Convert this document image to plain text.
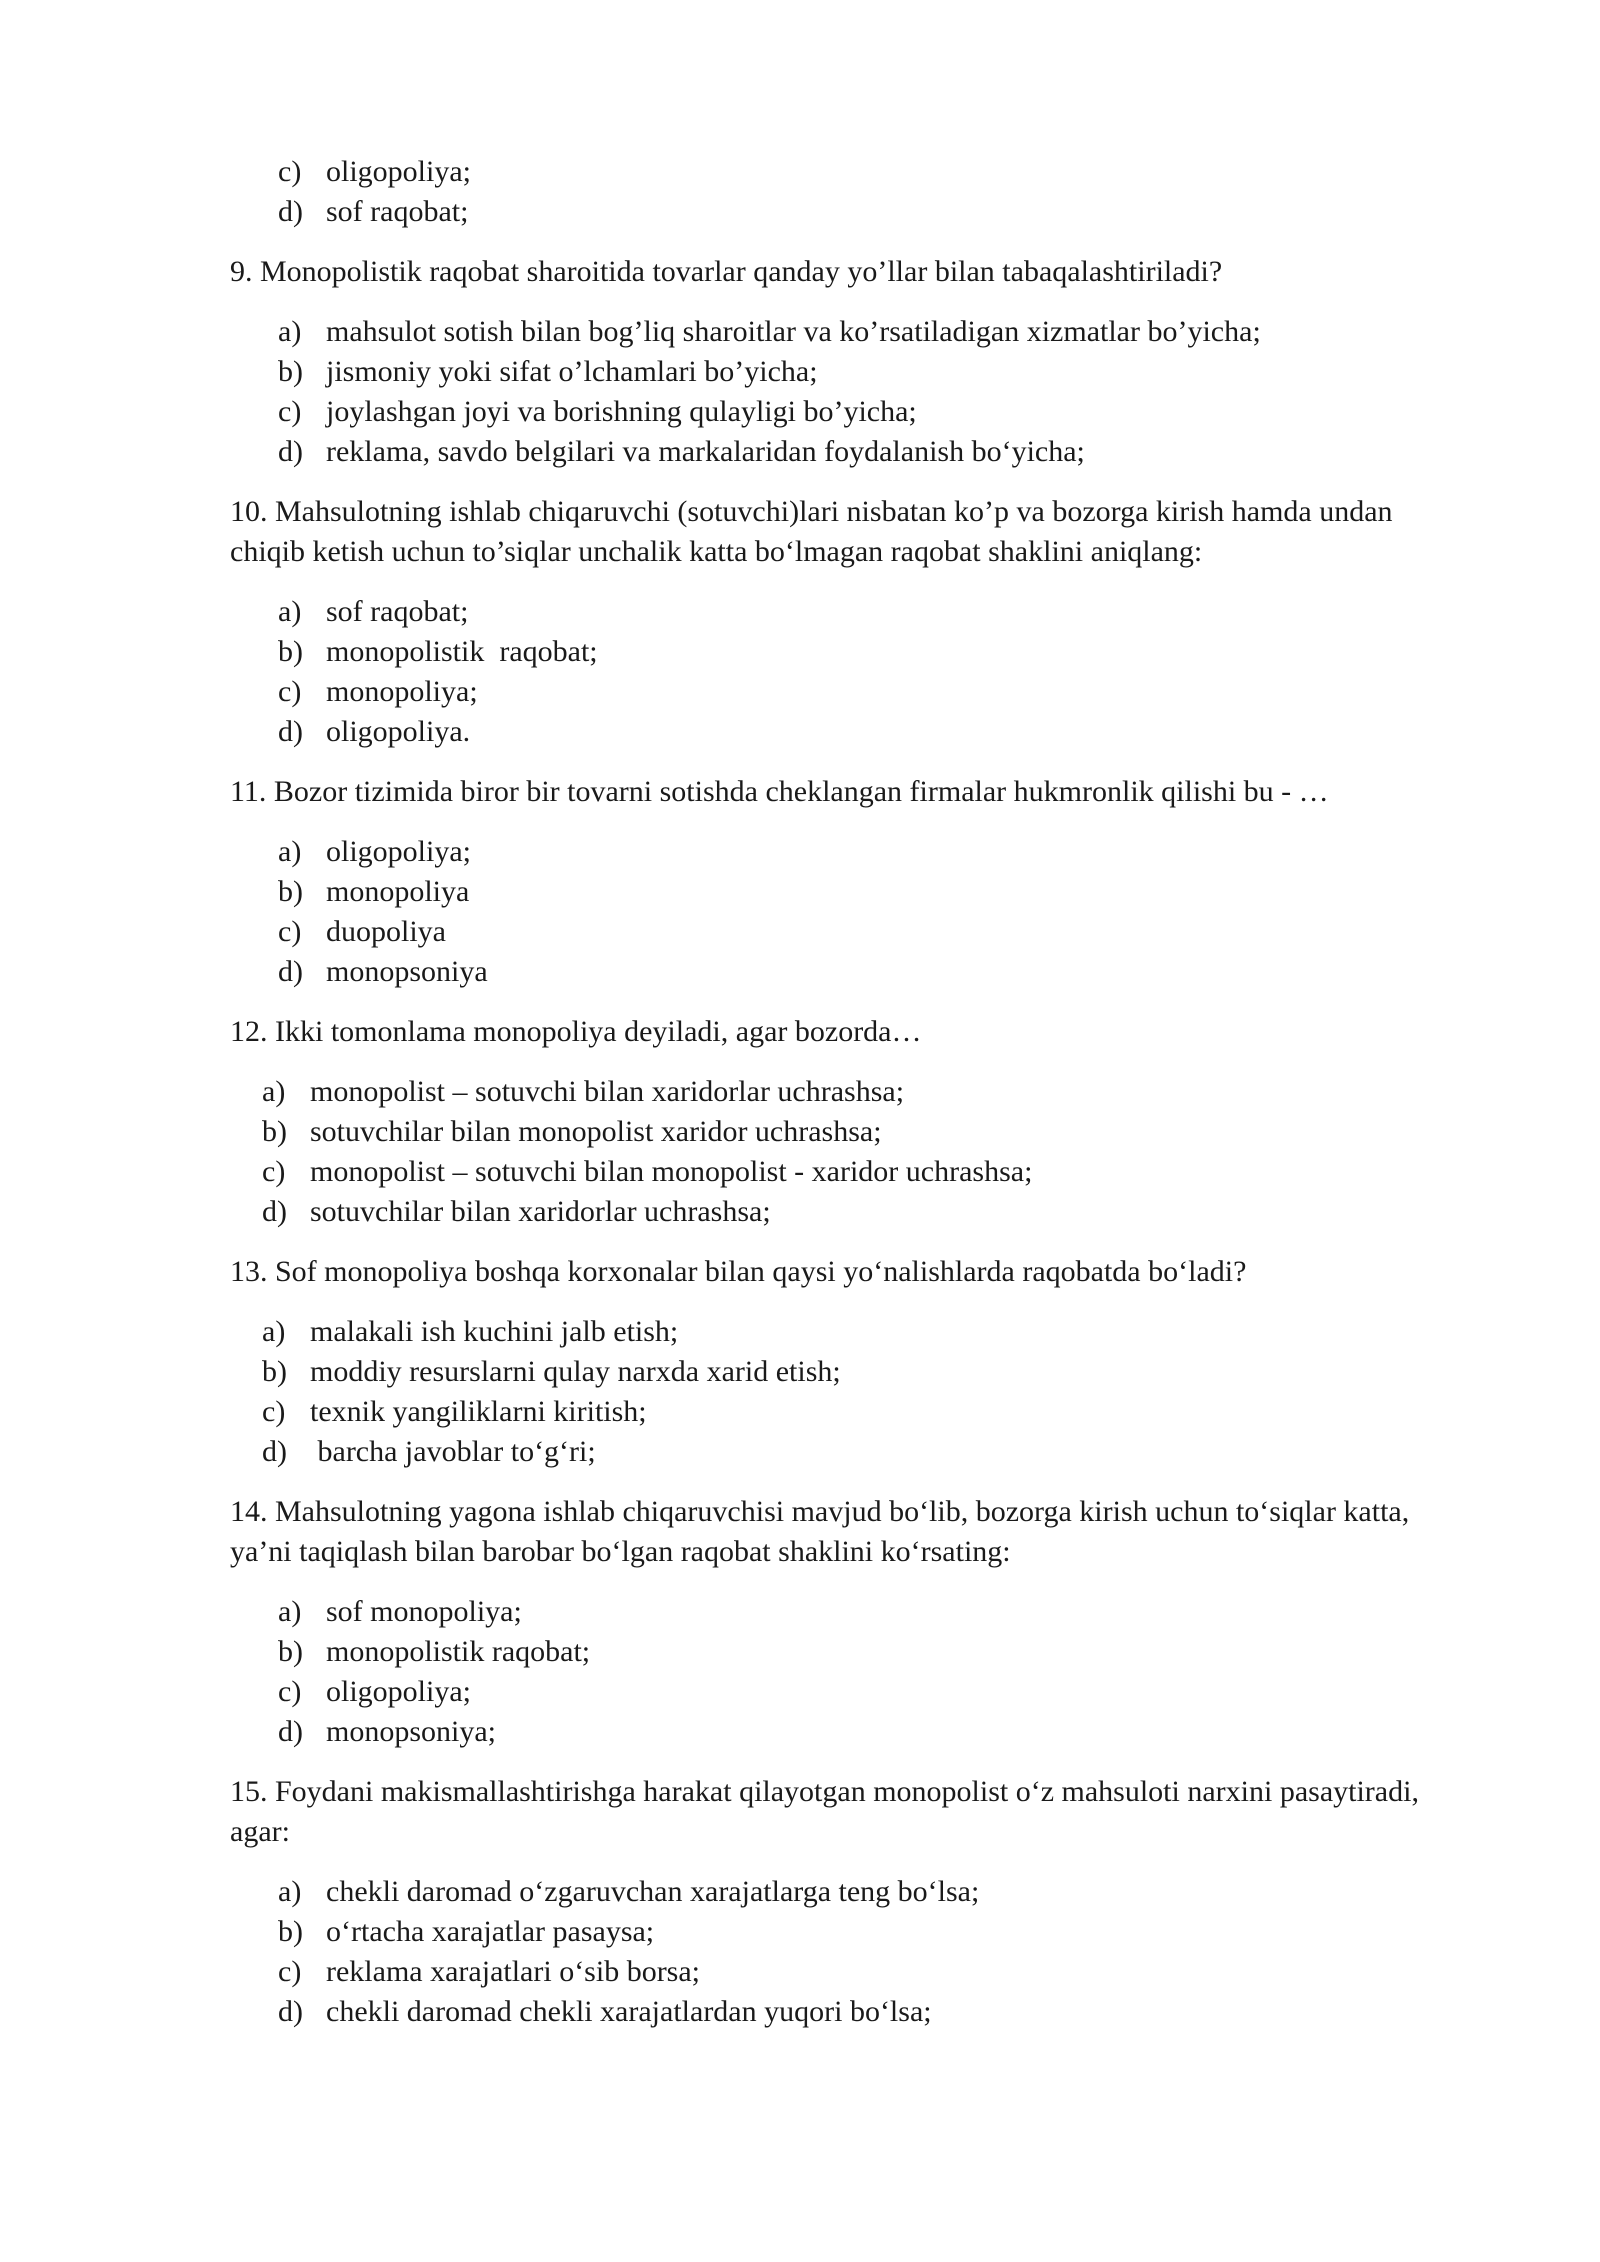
c) oligopoliya;
d) sof raqobat;

9. Monopolistik raqobat sharoitida tovarlar qanday yo’llar bilan tabaqalashtiriladi?

a) mahsulot sotish bilan bog’liq sharoitlar va ko’rsatiladigan xizmatlar bo’yicha;
b) jismoniy yoki sifat o’lchamlari bo’yicha;
c) joylashgan joyi va borishning qulayligi bo’yicha;
d) reklama, savdo belgilari va markalaridan foydalanish bo‘yicha;

10. Mahsulotning ishlab chiqaruvchi (sotuvchi)lari nisbatan ko’p va bozorga kirish hamda undan chiqib ketish uchun to’siqlar unchalik katta bo‘lmagan raqobat shaklini aniqlang:

a) sof raqobat;
b) monopolistik  raqobat;
c) monopoliya;
d) oligopoliya.

11. Bozor tizimida biror bir tovarni sotishda cheklangan firmalar hukmronlik qilishi bu - …

a) oligopoliya;
b) monopoliya
c) duopoliya
d) monopsoniya

12. Ikki tomonlama monopoliya deyiladi, agar bozorda…

a) monopolist – sotuvchi bilan xaridorlar uchrashsa;
b) sotuvchilar bilan monopolist xaridor uchrashsa;
c) monopolist – sotuvchi bilan monopolist - xaridor uchrashsa;
d) sotuvchilar bilan xaridorlar uchrashsa;

13. Sof monopoliya boshqa korxonalar bilan qaysi yo‘nalishlarda raqobatda bo‘ladi?

a) malakali ish kuchini jalb etish;
b) moddiy resurslarni qulay narxda xarid etish;
c) texnik yangiliklarni kiritish;
d) barcha javoblar to‘g‘ri;

14. Mahsulotning yagona ishlab chiqaruvchisi mavjud bo‘lib, bozorga kirish uchun to‘siqlar katta, ya’ni taqiqlash bilan barobar bo‘lgan raqobat shaklini ko‘rsating:

a) sof monopoliya;
b) monopolistik raqobat;
c) oligopoliya;
d) monopsoniya;

15. Foydani makismallashtirishga harakat qilayotgan monopolist o‘z mahsuloti narxini pasaytiradi, agar:

a) chekli daromad o‘zgaruvchan xarajatlarga teng bo‘lsa;
b) o‘rtacha xarajatlar pasaysa;
c) reklama xarajatlari o‘sib borsa;
d) chekli daromad chekli xarajatlardan yuqori bo‘lsa;
